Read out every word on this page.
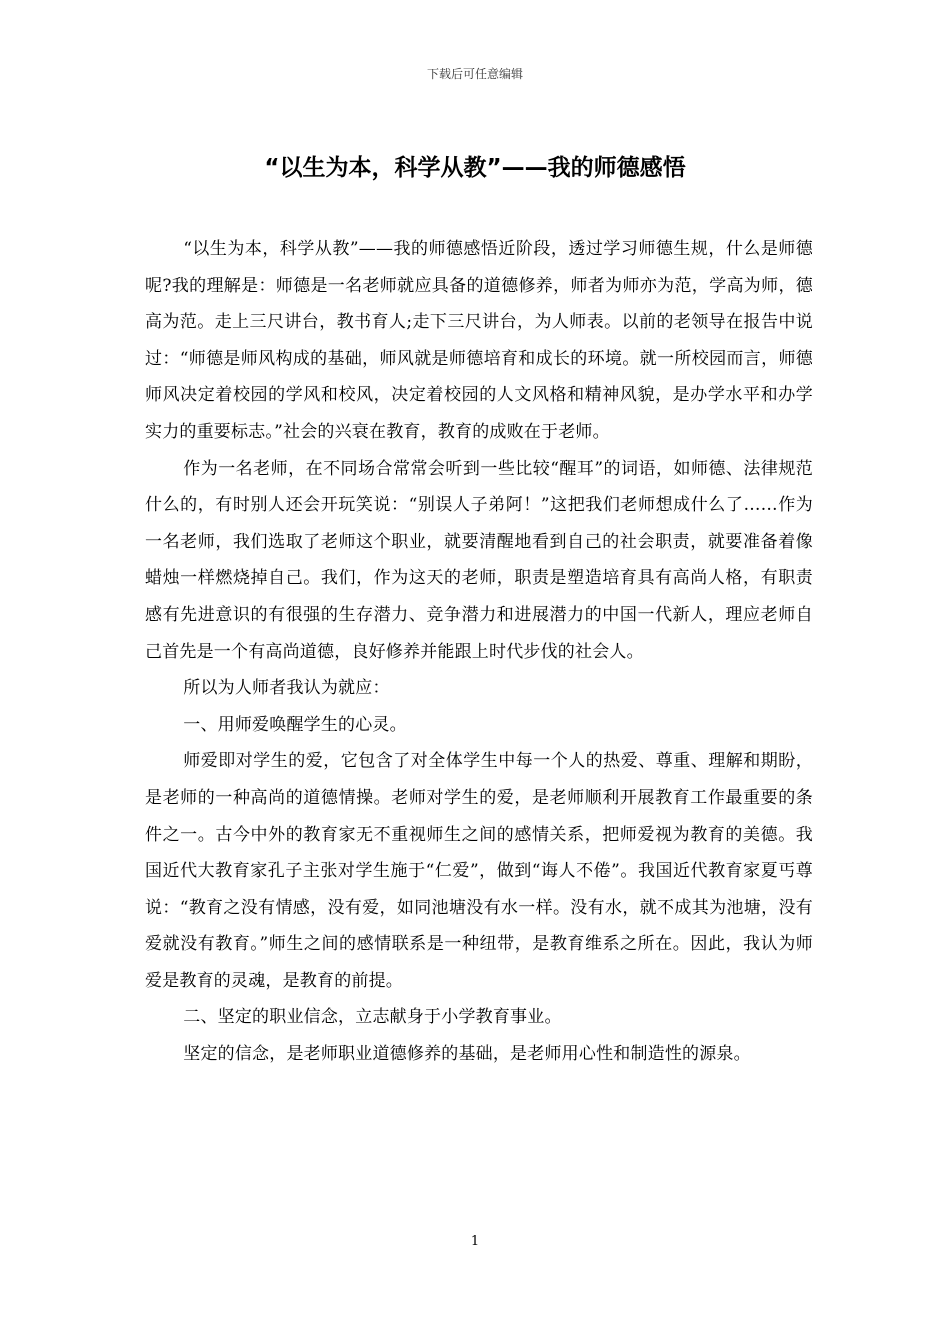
下载后可任意编辑
“以生为本，科学从教”——我的师德感悟

“以生为本，科学从教”——我的师德感悟近阶段，透过学习师德生规，什么是师德呢?我的理解是：师德是一名老师就应具备的道德修养，师者为师亦为范，学高为师，德高为范。走上三尺讲台，教书育人;走下三尺讲台，为人师表。以前的老领导在报告中说过：“师德是师风构成的基础，师风就是师德培育和成长的环境。就一所校园而言，师德师风决定着校园的学风和校风，决定着校园的人文风格和精神风貌，是办学水平和办学实力的重要标志。”社会的兴衰在教育，教育的成败在于老师。

作为一名老师，在不同场合常常会听到一些比较“醒耳”的词语，如师德、法律规范什么的，有时别人还会开玩笑说：“别误人子弟阿！”这把我们老师想成什么了……作为一名老师，我们选取了老师这个职业，就要清醒地看到自己的社会职责，就要准备着像蜡烛一样燃烧掉自己。我们，作为这天的老师，职责是塑造培育具有高尚人格，有职责感有先进意识的有很强的生存潜力、竞争潜力和进展潜力的中国一代新人，理应老师自己首先是一个有高尚道德，良好修养并能跟上时代步伐的社会人。

所以为人师者我认为就应：

一、用师爱唤醒学生的心灵。

师爱即对学生的爱，它包含了对全体学生中每一个人的热爱、尊重、理解和期盼，是老师的一种高尚的道德情操。老师对学生的爱，是老师顺利开展教育工作最重要的条件之一。古今中外的教育家无不重视师生之间的感情关系，把师爱视为教育的美德。我国近代大教育家孔子主张对学生施于“仁爱”，做到“诲人不倦”。我国近代教育家夏丐尊说：“教育之没有情感，没有爱，如同池塘没有水一样。没有水，就不成其为池塘，没有爱就没有教育。”师生之间的感情联系是一种纽带，是教育维系之所在。因此，我认为师爱是教育的灵魂，是教育的前提。

二、坚定的职业信念，立志献身于小学教育事业。

坚定的信念，是老师职业道德修养的基础，是老师用心性和制造性的源泉。

1
